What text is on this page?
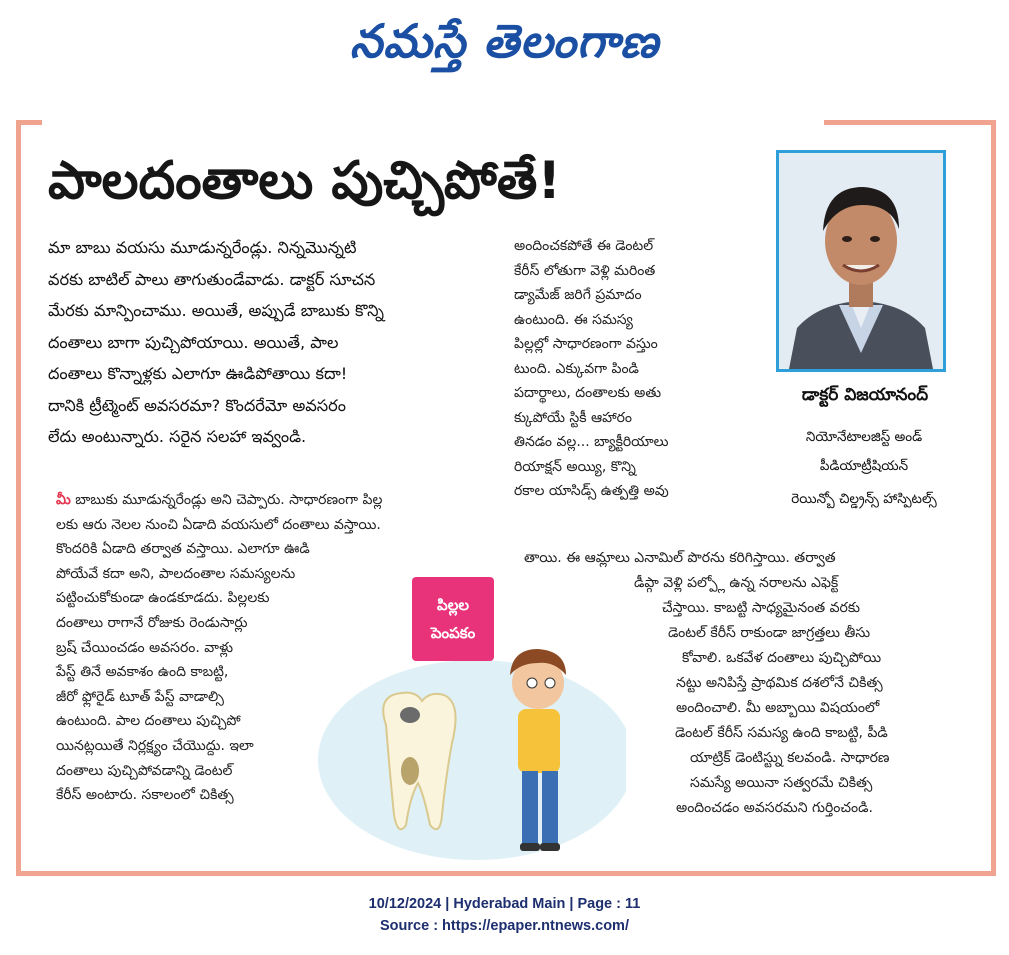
నమస్తే తెలంగాణ
పాలదంతాలు పుచ్చిపోతే!
డాక్టర్ విజయానంద్
నియోనేటాలజిస్ట్ అండ్
పీడియాట్రీషియన్
రెయిన్బో చిల్డ్రన్స్ హాస్పిటల్స్
మా బాబు వయసు మూడున్నరేండ్లు. నిన్నమొన్నటి
వరకు బాటిల్ పాలు తాగుతుండేవాడు. డాక్టర్ సూచన
మేరకు మాన్పించాము. అయితే, అప్పుడే బాబుకు కొన్ని
దంతాలు బాగా పుచ్చిపోయాయి. అయితే, పాల
దంతాలు కొన్నాళ్లకు ఎలాగూ ఊడిపోతాయి కదా!
దానికి ట్రీట్మెంట్ అవసరమా? కొందరేమో అవసరం
లేదు అంటున్నారు. సరైన సలహా ఇవ్వండి.
మీ బాబుకు మూడున్నరేండ్లు అని చెప్పారు. సాధారణంగా పిల్ల
లకు ఆరు నెలల నుంచి ఏడాది వయసులో దంతాలు వస్తాయి.
కొందరికి ఏడాది తర్వాత వస్తాయి. ఎలాగూ ఊడి
పోయేవే కదా అని, పాలదంతాల సమస్యలను
పట్టించుకోకుండా ఉండకూడదు. పిల్లలకు
దంతాలు రాగానే రోజుకు రెండుసార్లు
బ్రష్ చేయించడం అవసరం. వాళ్లు
పేస్ట్ తినే అవకాశం ఉంది కాబట్టి,
జీరో ఫ్లోరైడ్ టూత్ పేస్ట్ వాడాల్సి
ఉంటుంది. పాల దంతాలు పుచ్చిపో
యినట్లయితే నిర్లక్ష్యం చేయొద్దు. ఇలా
దంతాలు పుచ్చిపోవడాన్ని డెంటల్
కేరీస్ అంటారు. సకాలంలో చికిత్స
అందించకపోతే ఈ డెంటల్
కేరీస్ లోతుగా వెళ్లి మరింత
డ్యామేజ్ జరిగే ప్రమాదం
ఉంటుంది. ఈ సమస్య
పిల్లల్లో సాధారణంగా వస్తుం
టుంది. ఎక్కువగా పిండి
పదార్థాలు, దంతాలకు అతు
క్కుపోయే స్టికీ ఆహారం
తినడం వల్ల... బ్యాక్టీరియాలు
రియాక్షన్ అయ్యి, కొన్ని
రకాల యాసిడ్స్ ఉత్పత్తి అవు
తాయి. ఈ ఆమ్లాలు ఎనామిల్ పొరను కరిగిస్తాయి. తర్వాత
డీప్గా వెళ్లి పల్ప్లో ఉన్న నరాలను ఎఫెక్ట్
చేస్తాయి. కాబట్టి సాధ్యమైనంత వరకు
డెంటల్ కేరీస్ రాకుండా జాగ్రత్తలు తీసు
కోవాలి. ఒకవేళ దంతాలు పుచ్చిపోయి
నట్టు అనిపిస్తే ప్రాథమిక దశలోనే చికిత్స
అందించాలి. మీ అబ్బాయి విషయంలో
డెంటల్ కేరీస్ సమస్య ఉంది కాబట్టి, పీడి
యాట్రిక్ డెంటిస్ట్ను కలవండి. సాధారణ
సమస్యే అయినా సత్వరమే చికిత్స
అందించడం అవసరమని గుర్తించండి.
పిల్లల
పెంపకం
10/12/2024 | Hyderabad Main | Page : 11
Source : https://epaper.ntnews.com/
